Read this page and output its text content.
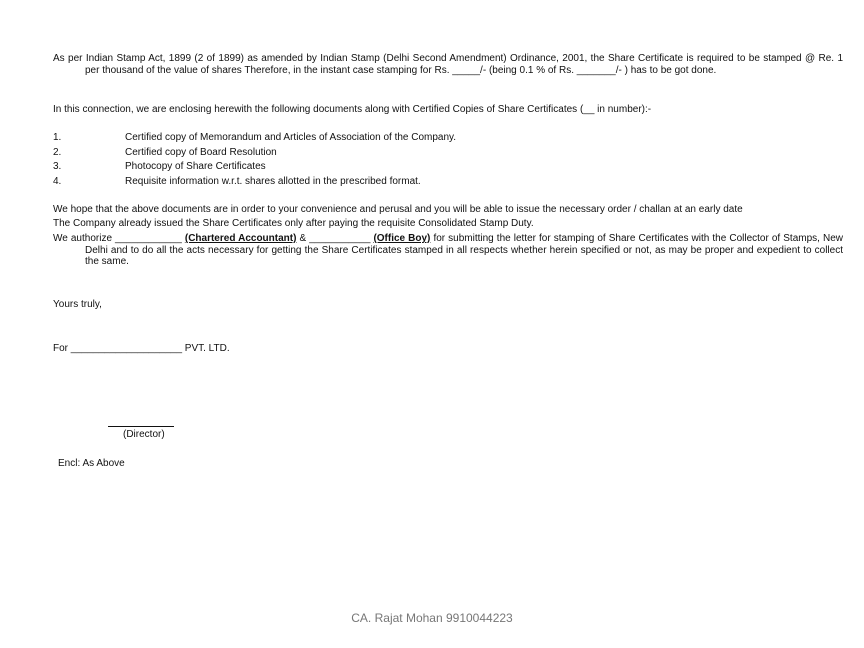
As per Indian Stamp Act, 1899 (2 of 1899) as amended by Indian Stamp (Delhi Second Amendment) Ordinance, 2001, the Share Certificate is required to be stamped @ Re. 1 per thousand of the value of shares Therefore, in the instant case stamping for Rs. _____/- (being 0.1 % of Rs. _______/- ) has to be got done.
In this connection, we are enclosing herewith the following documents along with Certified Copies of Share Certificates (__ in number):-
1.	Certified copy of Memorandum and Articles of Association of the Company.
2.	Certified copy of Board Resolution
3.	Photocopy of Share Certificates
4.	Requisite information w.r.t. shares allotted in the prescribed format.
We hope that the above documents are in order to your convenience and perusal and you will be able to issue the necessary order / challan at an early date
The Company already issued the Share Certificates only after paying the requisite Consolidated Stamp Duty.
We authorize ____________ (Chartered Accountant) & ___________ (Office Boy) for submitting the letter for stamping of Share Certificates with the Collector of Stamps, New Delhi and to do all the acts necessary for getting the Share Certificates stamped in all respects whether herein specified or not, as may be proper and expedient to collect the same.
Yours truly,
For ____________________ PVT. LTD.
(Director)
Encl: As Above
CA. Rajat Mohan 9910044223
